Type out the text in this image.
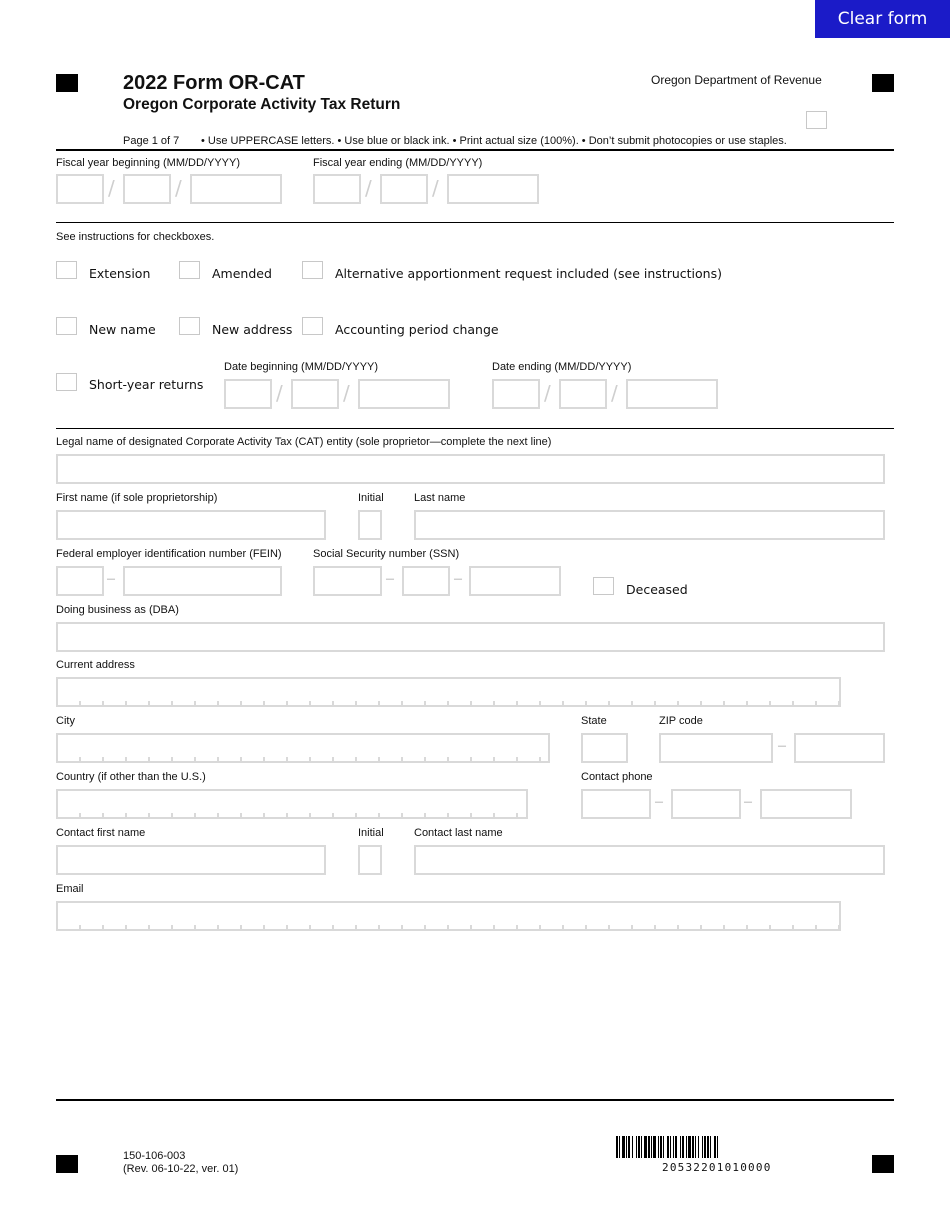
Clear form
2022 Form OR-CAT
Oregon Corporate Activity Tax Return
Oregon Department of Revenue
Page 1 of 7 • Use UPPERCASE letters. • Use blue or black ink. • Print actual size (100%). • Don’t submit photocopies or use staples.
Fiscal year beginning (MM/DD/YYYY)	Fiscal year ending (MM/DD/YYYY)
/	/	/	/
See instructions for checkboxes.
Extension	Amended	Alternative apportionment request included (see instructions)
New name	New address	Accounting period change
Short-year returns
Date beginning (MM/DD/YYYY)	Date ending (MM/DD/YYYY)
/	/	/	/
Legal name of designated Corporate Activity Tax (CAT) entity (sole proprietor—complete the next line)
First name (if sole proprietorship)	Initial	Last name
Federal employer identification number (FEIN)	Social Security number (SSN)
–	–	–	Deceased
Doing business as (DBA)
Current address
City	State	ZIP code
–
Country (if other than the U.S.)	Contact phone
–	–
Contact first name	Initial	Contact last name
Email
150-106-003
(Rev. 06-10-22, ver. 01)	20532201010000
